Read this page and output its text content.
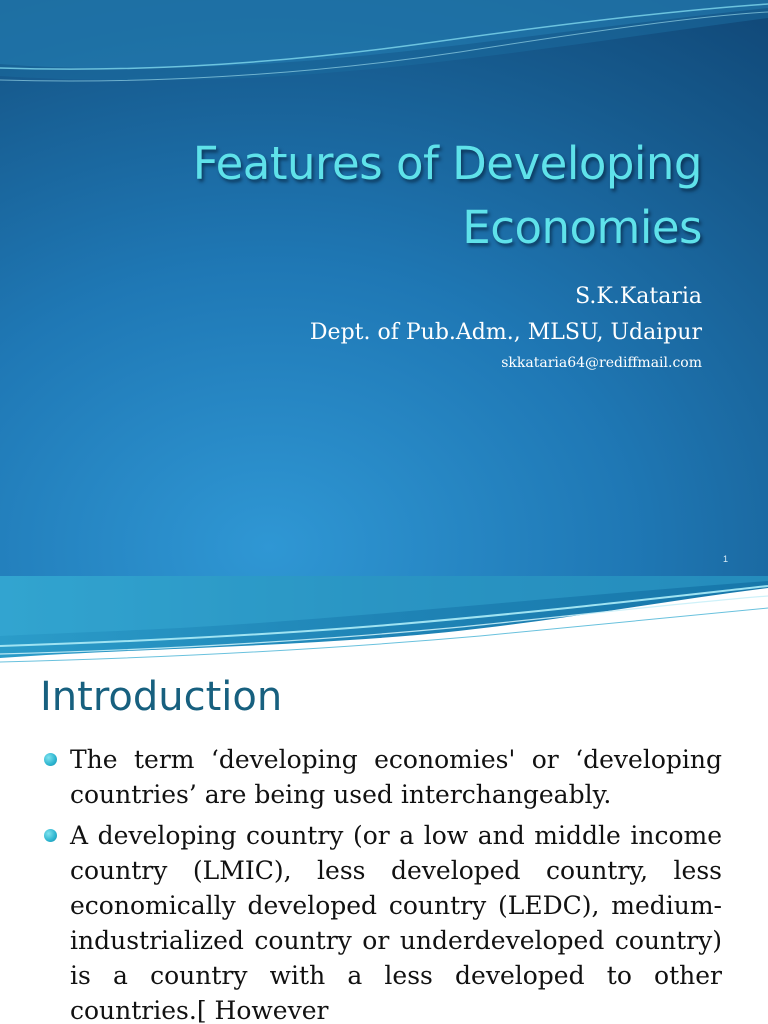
Features of Developing Economies
S.K.Kataria
Dept. of Pub.Adm., MLSU, Udaipur
skkataria64@rediffmail.com
1
Introduction
The term ‘developing economies' or ‘developing countries’ are being used interchangeably.
A developing country (or a low and middle income country (LMIC), less developed country, less economically developed country (LEDC), medium-industrialized country or underdeveloped country) is a country with a less developed to other countries.[ However
